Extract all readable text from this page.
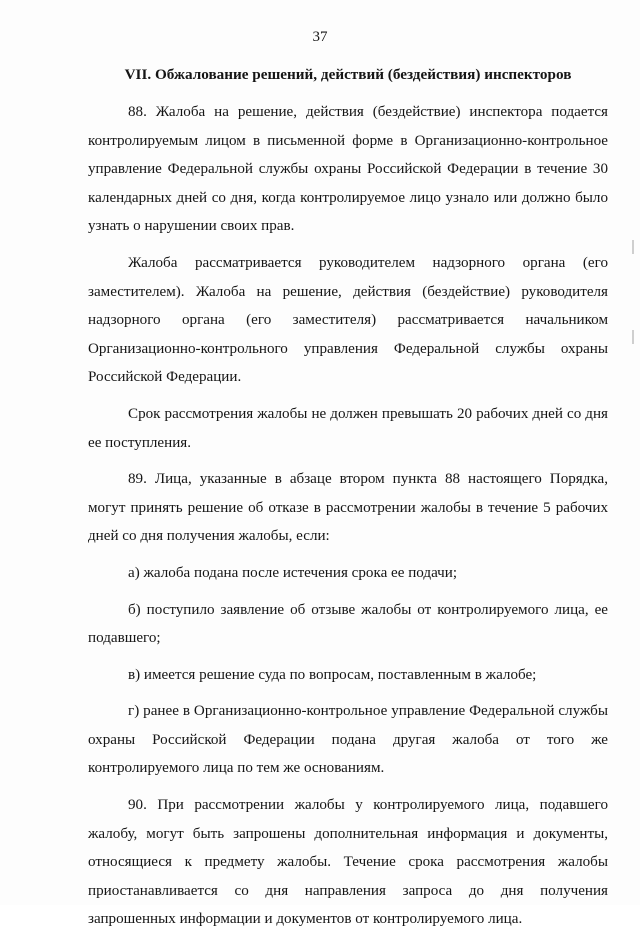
37
VII. Обжалование решений, действий (бездействия) инспекторов

88. Жалоба на решение, действия (бездействие) инспектора подается контролируемым лицом в письменной форме в Организационно-контрольное управление Федеральной службы охраны Российской Федерации в течение 30 календарных дней со дня, когда контролируемое лицо узнало или должно было узнать о нарушении своих прав.

Жалоба рассматривается руководителем надзорного органа (его заместителем). Жалоба на решение, действия (бездействие) руководителя надзорного органа (его заместителя) рассматривается начальником Организационно-контрольного управления Федеральной службы охраны Российской Федерации.

Срок рассмотрения жалобы не должен превышать 20 рабочих дней со дня ее поступления.

89. Лица, указанные в абзаце втором пункта 88 настоящего Порядка, могут принять решение об отказе в рассмотрении жалобы в течение 5 рабочих дней со дня получения жалобы, если:

а) жалоба подана после истечения срока ее подачи;

б) поступило заявление об отзыве жалобы от контролируемого лица, ее подавшего;

в) имеется решение суда по вопросам, поставленным в жалобе;

г) ранее в Организационно-контрольное управление Федеральной службы охраны Российской Федерации подана другая жалоба от того же контролируемого лица по тем же основаниям.

90. При рассмотрении жалобы у контролируемого лица, подавшего жалобу, могут быть запрошены дополнительная информация и документы, относящиеся к предмету жалобы. Течение срока рассмотрения жалобы приостанавливается со дня направления запроса до дня получения запрошенных информации и документов от контролируемого лица.
